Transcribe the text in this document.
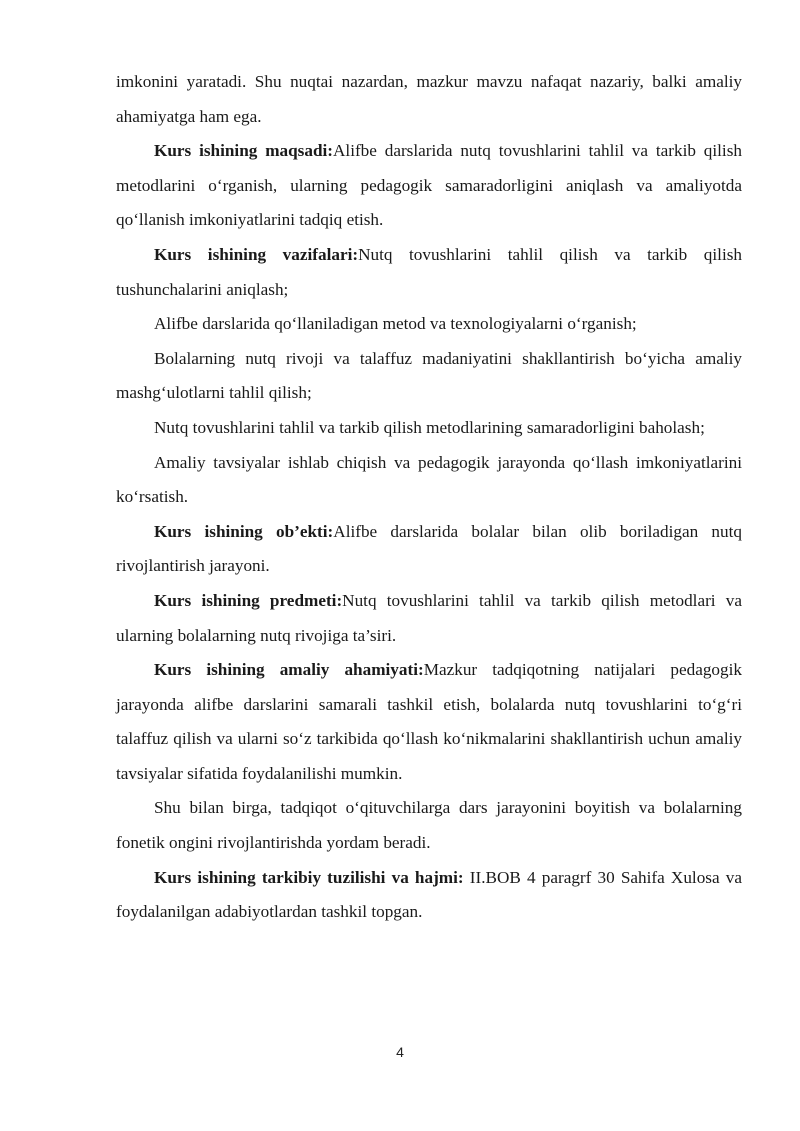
imkonini yaratadi. Shu nuqtai nazardan, mazkur mavzu nafaqat nazariy, balki amaliy ahamiyatga ham ega.

Kurs ishining maqsadi:Alifbe darslarida nutq tovushlarini tahlil va tarkib qilish metodlarini o‘rganish, ularning pedagogik samaradorligini aniqlash va amaliyotda qo‘llanish imkoniyatlarini tadqiq etish.

Kurs ishining vazifalari:Nutq tovushlarini tahlil qilish va tarkib qilish tushunchalarini aniqlash;

Alifbe darslarida qo‘llaniladigan metod va texnologiyalarni o‘rganish;

Bolalarning nutq rivoji va talaffuz madaniyatini shakllantirish bo‘yicha amaliy mashg‘ulotlarni tahlil qilish;

Nutq tovushlarini tahlil va tarkib qilish metodlarining samaradorligini baholash;

Amaliy tavsiyalar ishlab chiqish va pedagogik jarayonda qo‘llash imkoniyatlarini ko‘rsatish.

Kurs ishining ob’ekti:Alifbe darslarida bolalar bilan olib boriladigan nutq rivojlantirish jarayoni.

Kurs ishining predmeti:Nutq tovushlarini tahlil va tarkib qilish metodlari va ularning bolalarning nutq rivojiga ta’siri.

Kurs ishining amaliy ahamiyati:Mazkur tadqiqotning natijalari pedagogik jarayonda alifbe darslarini samarali tashkil etish, bolalarda nutq tovushlarini to‘g‘ri talaffuz qilish va ularni so‘z tarkibida qo‘llash ko‘nikmalarini shakllantirish uchun amaliy tavsiyalar sifatida foydalanilishi mumkin.

Shu bilan birga, tadqiqot o‘qituvchilarga dars jarayonini boyitish va bolalarning fonetik ongini rivojlantirishda yordam beradi.

Kurs ishining tarkibiy tuzilishi va hajmi: II.BOB 4 paragrf 30 Sahifa Xulosa va foydalanilgan adabiyotlardan tashkil topgan.

4
